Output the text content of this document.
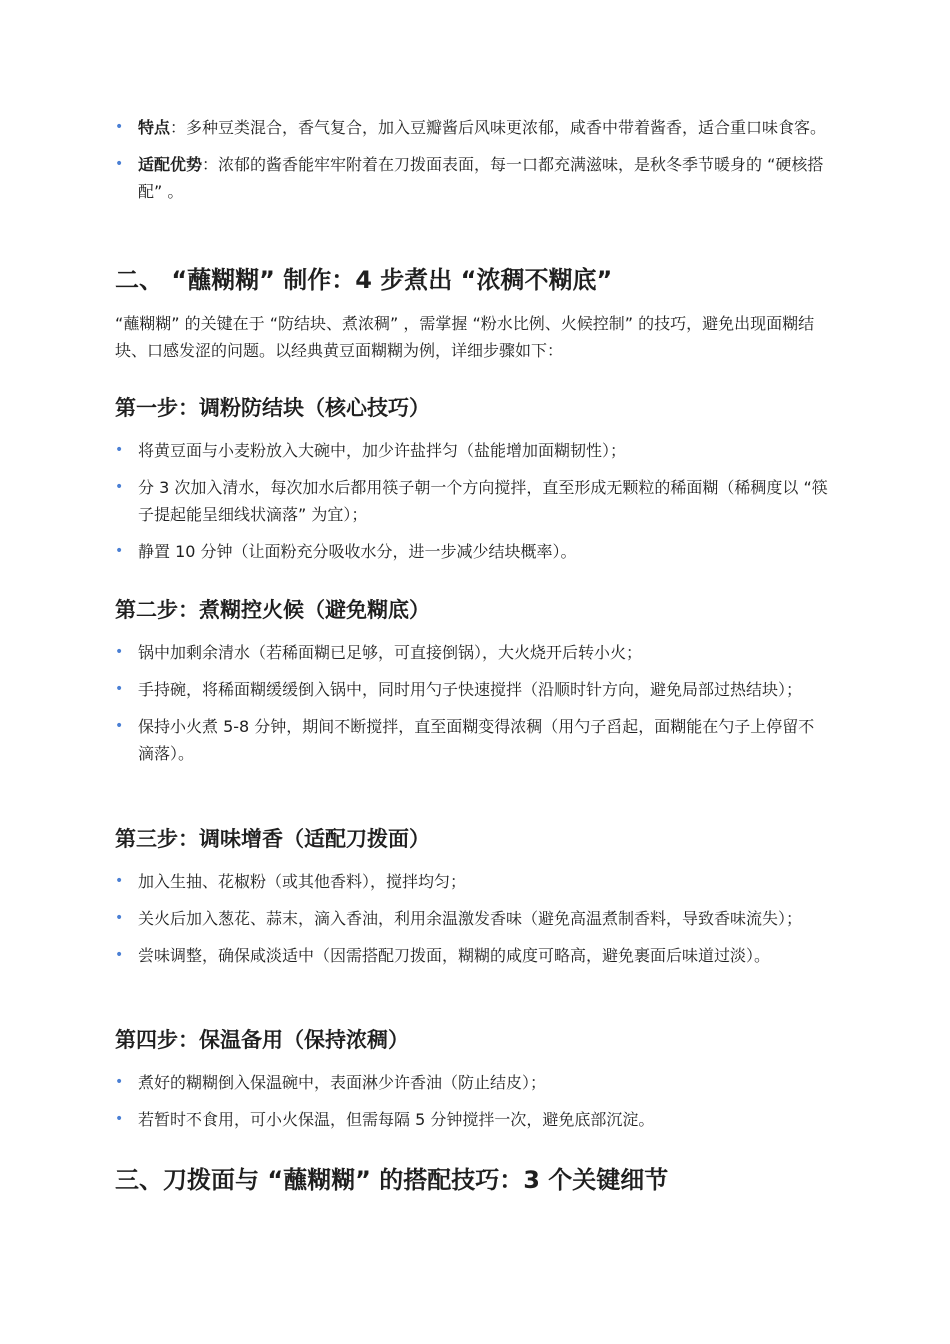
• 特点：多种豆类混合，香气复合，加入豆瓣酱后风味更浓郁，咸香中带着酱香，适合重口味食客。
• 适配优势：浓郁的酱香能牢牢附着在刀拨面表面，每一口都充满滋味，是秋冬季节暖身的 “硬核搭配” 。
二、 “蘸糊糊” 制作：4 步煮出 “浓稠不糊底”

“蘸糊糊” 的关键在于 “防结块、煮浓稠” ，需掌握 “粉水比例、火候控制” 的技巧，避免出现面糊结块、口感发涩的问题。以经典黄豆面糊糊为例，详细步骤如下：

第一步：调粉防结块（核心技巧）
• 将黄豆面与小麦粉放入大碗中，加少许盐拌匀（盐能增加面糊韧性）；
• 分 3 次加入清水，每次加水后都用筷子朝一个方向搅拌，直至形成无颗粒的稀面糊（稀稠度以 “筷子提起能呈细线状滴落” 为宜）；
• 静置 10 分钟（让面粉充分吸收水分，进一步减少结块概率）。
第二步：煮糊控火候（避免糊底）
• 锅中加剩余清水（若稀面糊已足够，可直接倒锅），大火烧开后转小火；
• 手持碗，将稀面糊缓缓倒入锅中，同时用勺子快速搅拌（沿顺时针方向，避免局部过热结块）；
• 保持小火煮 5-8 分钟，期间不断搅拌，直至面糊变得浓稠（用勺子舀起，面糊能在勺子上停留不滴落）。
第三步：调味增香（适配刀拨面）
• 加入生抽、花椒粉（或其他香料），搅拌均匀；
• 关火后加入葱花、蒜末，滴入香油，利用余温激发香味（避免高温煮制香料，导致香味流失）；
• 尝味调整，确保咸淡适中（因需搭配刀拨面，糊糊的咸度可略高，避免裹面后味道过淡）。
第四步：保温备用（保持浓稠）
• 煮好的糊糊倒入保温碗中，表面淋少许香油（防止结皮）；
• 若暂时不食用，可小火保温，但需每隔 5 分钟搅拌一次，避免底部沉淀。
三、刀拨面与 “蘸糊糊” 的搭配技巧：3 个关键细节
